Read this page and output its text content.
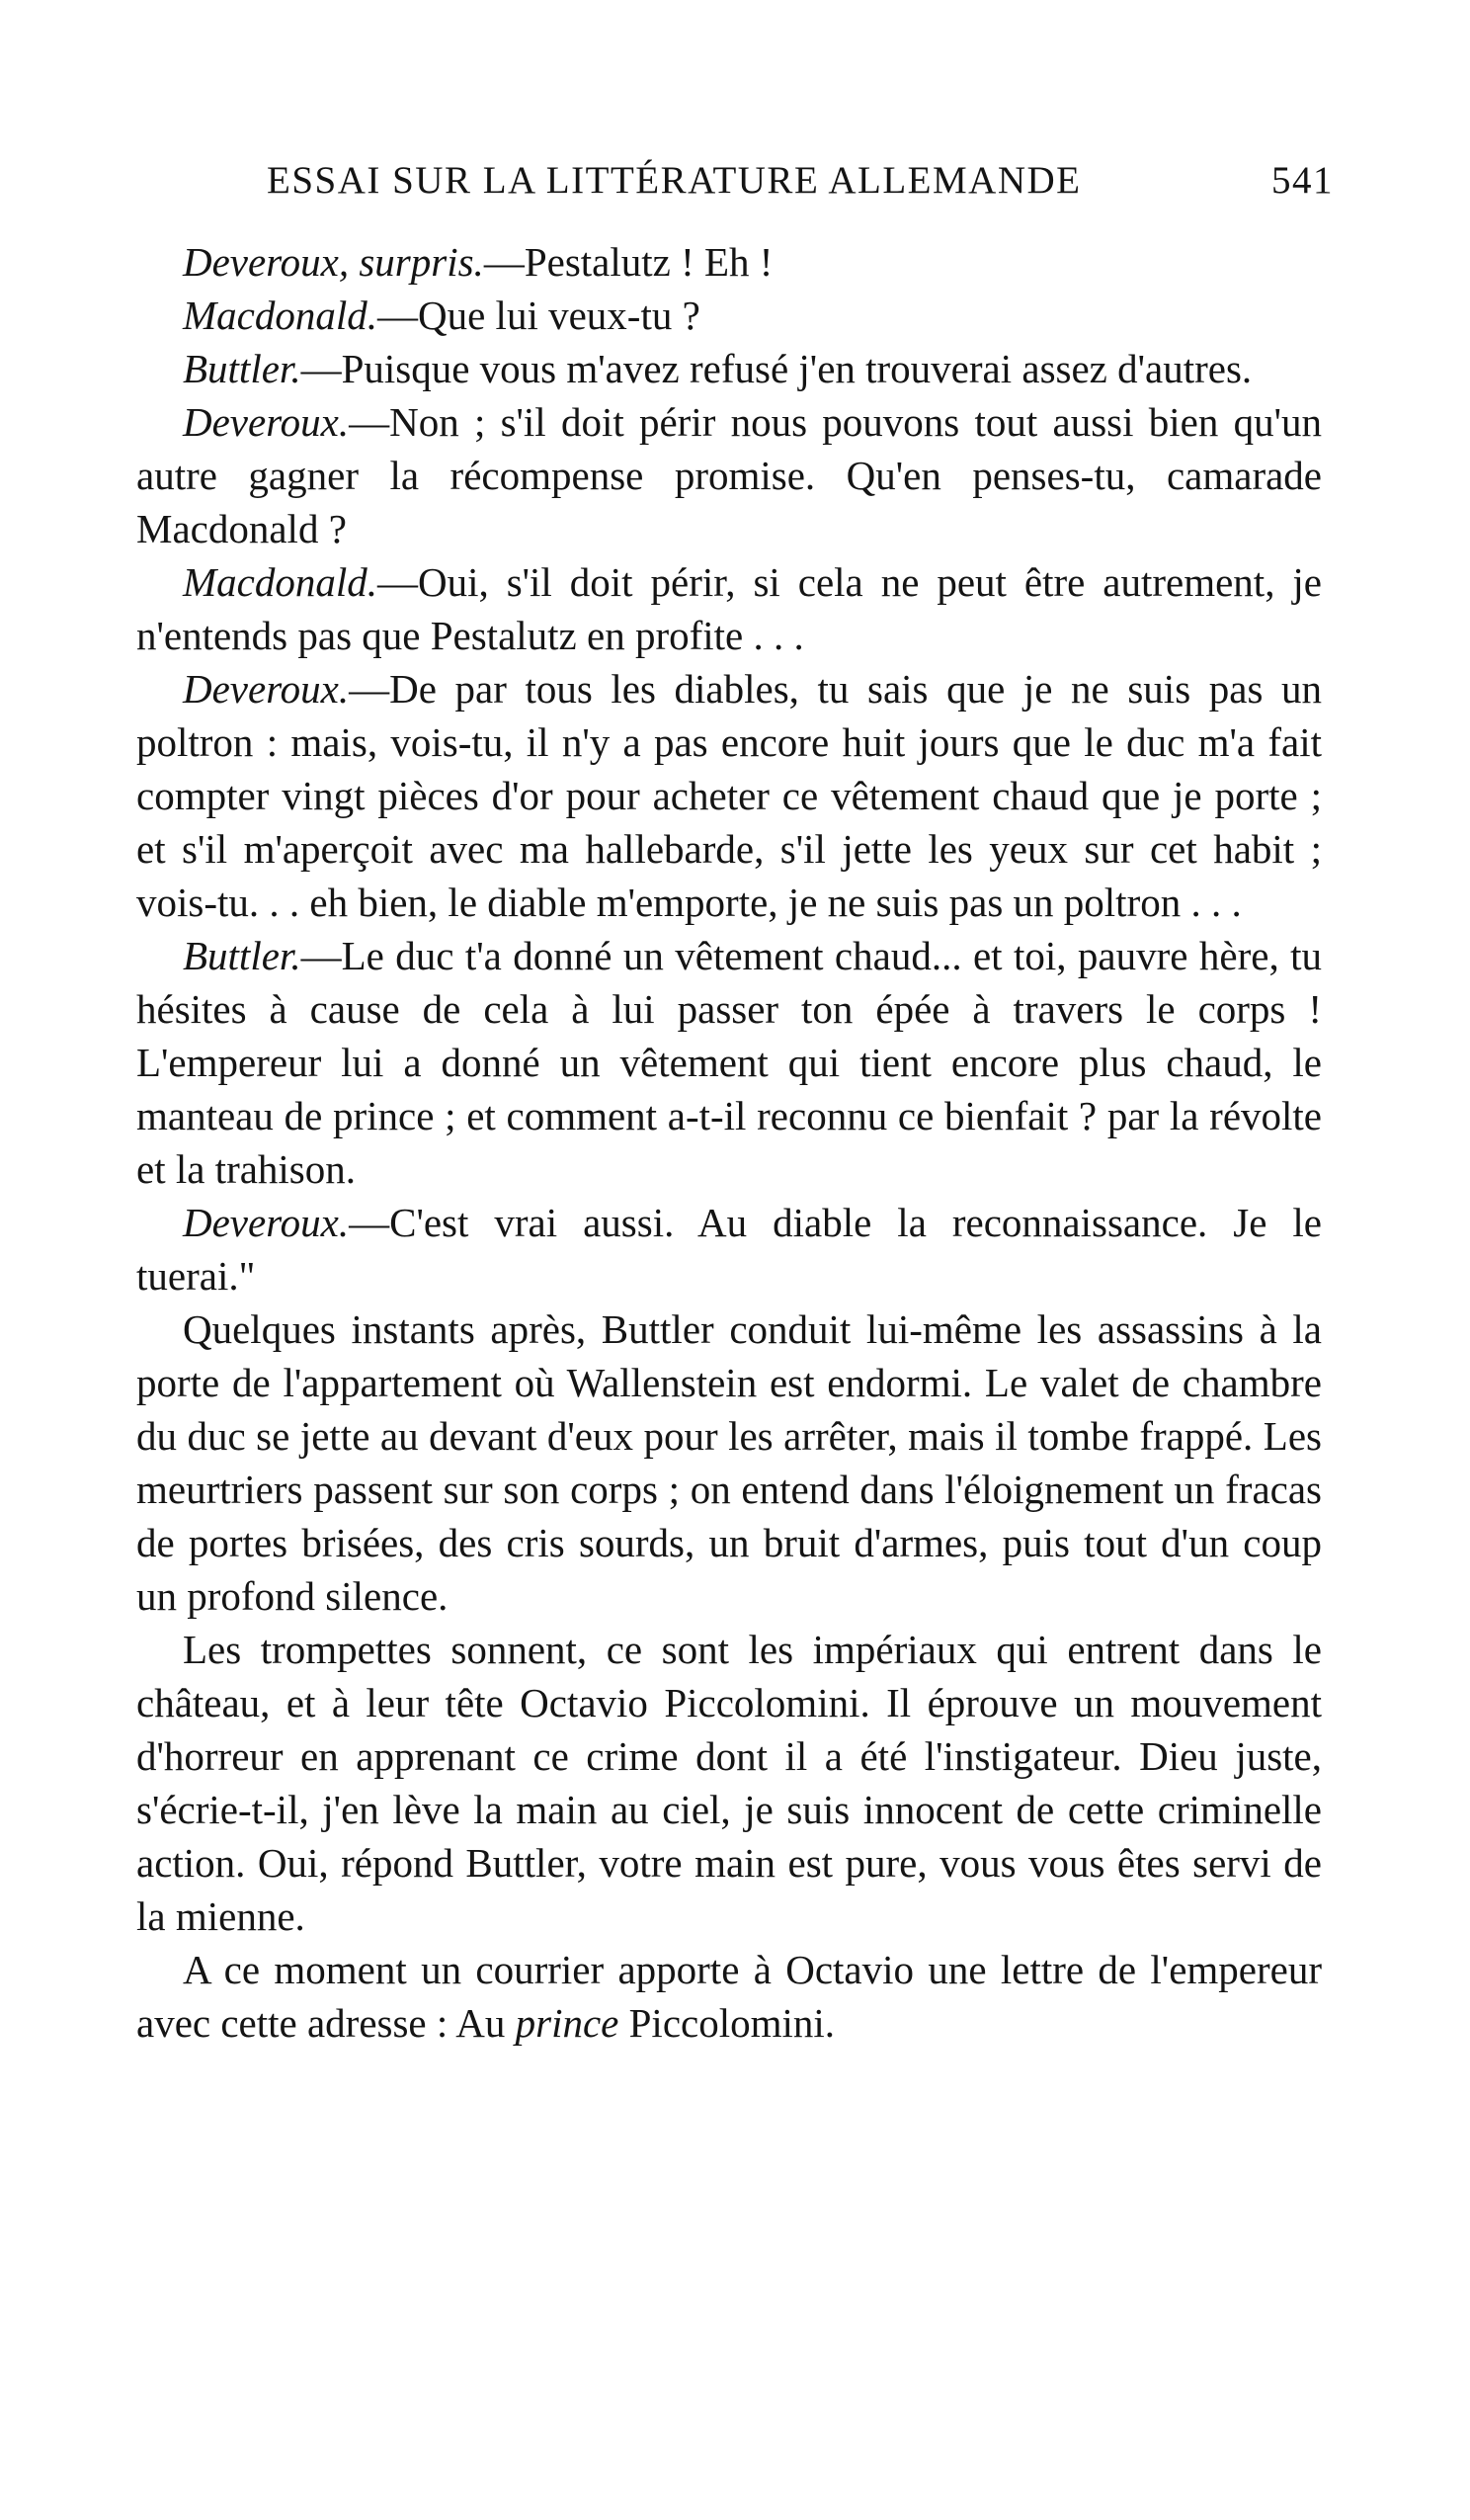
ESSAI SUR LA LITTÉRATURE ALLEMANDE	541

Deveroux, surpris.—Pestalutz ! Eh !

Macdonald.—Que lui veux-tu ?

Buttler.—Puisque vous m'avez refusé j'en trouverai assez d'autres.

Deveroux.—Non ; s'il doit périr nous pouvons tout aussi bien qu'un autre gagner la récompense promise. Qu'en penses-tu, camarade Macdonald ?

Macdonald.—Oui, s'il doit périr, si cela ne peut être autrement, je n'entends pas que Pestalutz en profite . . .

Deveroux.—De par tous les diables, tu sais que je ne suis pas un poltron : mais, vois-tu, il n'y a pas encore huit jours que le duc m'a fait compter vingt pièces d'or pour acheter ce vêtement chaud que je porte ; et s'il m'aperçoit avec ma hallebarde, s'il jette les yeux sur cet habit ; vois-tu. . . eh bien, le diable m'emporte, je ne suis pas un poltron . . .

Buttler.—Le duc t'a donné un vêtement chaud... et toi, pauvre hère, tu hésites à cause de cela à lui passer ton épée à travers le corps ! L'empereur lui a donné un vêtement qui tient encore plus chaud, le manteau de prince ; et comment a-t-il reconnu ce bienfait ? par la révolte et la trahison.

Deveroux.—C'est vrai aussi. Au diable la reconnaissance. Je le tuerai."

Quelques instants après, Buttler conduit lui-même les assassins à la porte de l'appartement où Wallenstein est endormi. Le valet de chambre du duc se jette au devant d'eux pour les arrêter, mais il tombe frappé. Les meurtriers passent sur son corps ; on entend dans l'éloignement un fracas de portes brisées, des cris sourds, un bruit d'armes, puis tout d'un coup un profond silence.

Les trompettes sonnent, ce sont les impériaux qui entrent dans le château, et à leur tête Octavio Piccolomini. Il éprouve un mouvement d'horreur en apprenant ce crime dont il a été l'instigateur. Dieu juste, s'écrie-t-il, j'en lève la main au ciel, je suis innocent de cette criminelle action. Oui, répond Buttler, votre main est pure, vous vous êtes servi de la mienne.

A ce moment un courrier apporte à Octavio une lettre de l'empereur avec cette adresse : Au prince Piccolomini.
